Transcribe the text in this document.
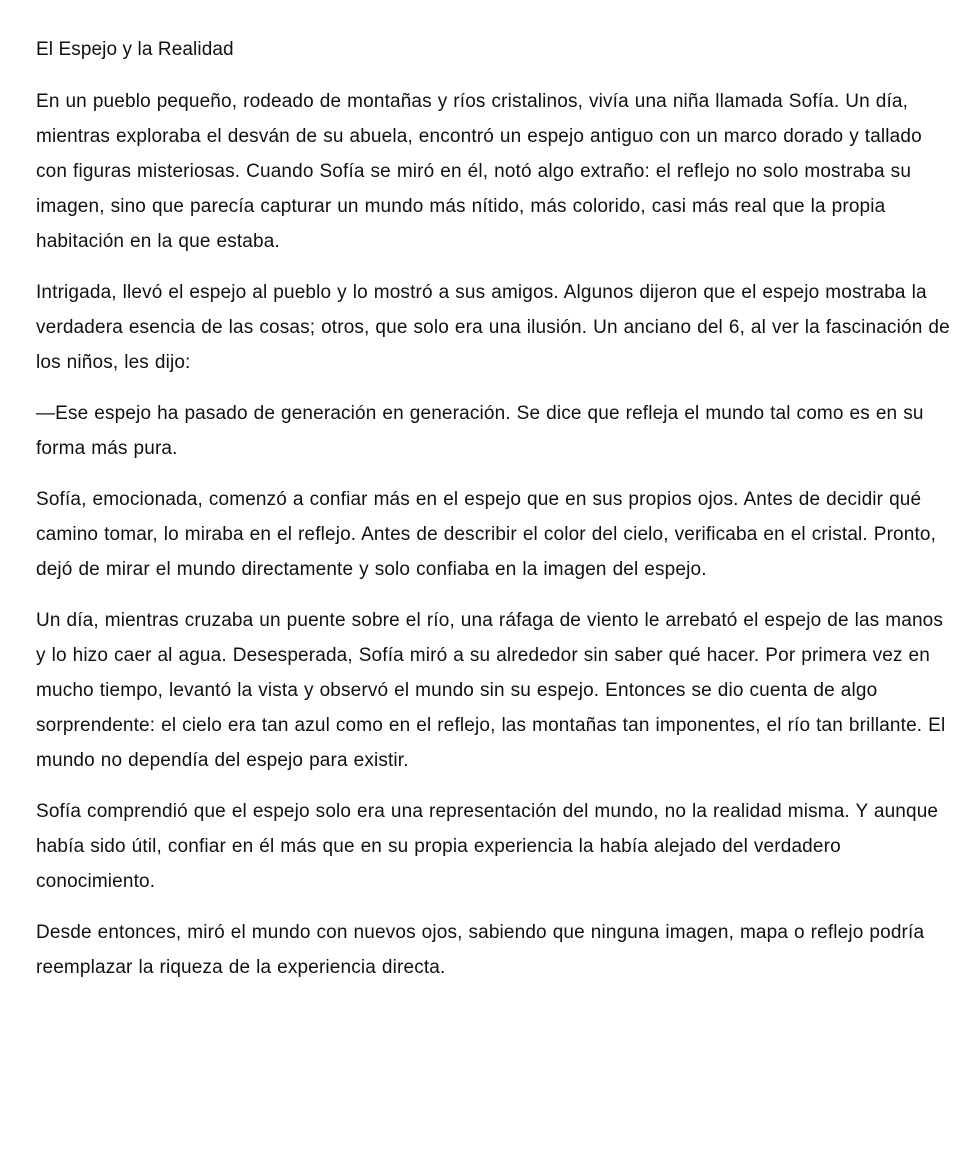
El Espejo y la Realidad

En un pueblo pequeño, rodeado de montañas y ríos cristalinos, vivía una niña llamada Sofía. Un día, mientras exploraba el desván de su abuela, encontró un espejo antiguo con un marco dorado y tallado con figuras misteriosas. Cuando Sofía se miró en él, notó algo extraño: el reflejo no solo mostraba su imagen, sino que parecía capturar un mundo más nítido, más colorido, casi más real que la propia habitación en la que estaba.

Intrigada, llevó el espejo al pueblo y lo mostró a sus amigos. Algunos dijeron que el espejo mostraba la verdadera esencia de las cosas; otros, que solo era una ilusión. Un anciano del 6, al ver la fascinación de los niños, les dijo:

—Ese espejo ha pasado de generación en generación. Se dice que refleja el mundo tal como es en su forma más pura.

Sofía, emocionada, comenzó a confiar más en el espejo que en sus propios ojos. Antes de decidir qué camino tomar, lo miraba en el reflejo. Antes de describir el color del cielo, verificaba en el cristal. Pronto, dejó de mirar el mundo directamente y solo confiaba en la imagen del espejo.

Un día, mientras cruzaba un puente sobre el río, una ráfaga de viento le arrebató el espejo de las manos y lo hizo caer al agua. Desesperada, Sofía miró a su alrededor sin saber qué hacer. Por primera vez en mucho tiempo, levantó la vista y observó el mundo sin su espejo. Entonces se dio cuenta de algo sorprendente: el cielo era tan azul como en el reflejo, las montañas tan imponentes, el río tan brillante. El mundo no dependía del espejo para existir.

Sofía comprendió que el espejo solo era una representación del mundo, no la realidad misma. Y aunque había sido útil, confiar en él más que en su propia experiencia la había alejado del verdadero conocimiento.

Desde entonces, miró el mundo con nuevos ojos, sabiendo que ninguna imagen, mapa o reflejo podría reemplazar la riqueza de la experiencia directa.
